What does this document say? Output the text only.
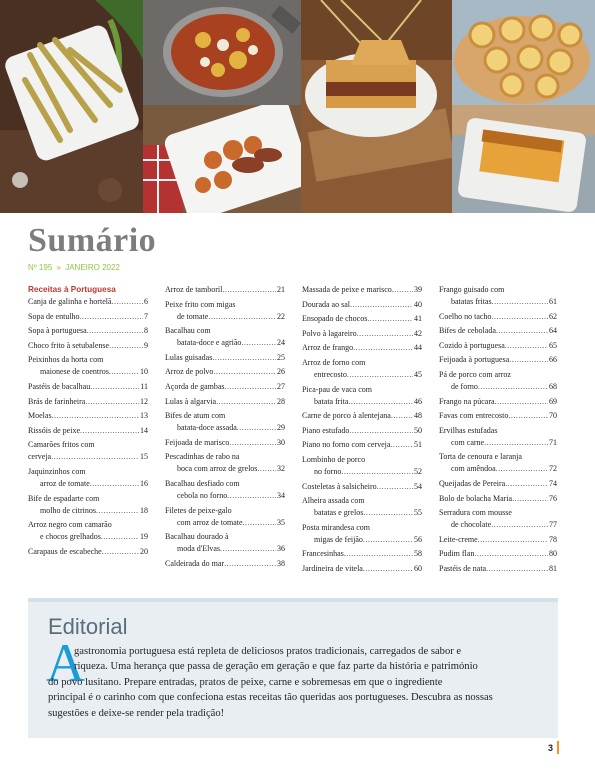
Sumário
Nº 195 » JANEIRO 2022
Receitas à Portuguesa
Canja de galinha e hortelã .....	6
Sopa de entulho .....	7
Sopa à portuguesa .....	8
Choco frito à setubalense .....	9
Peixinhos da horta com
maionese de coentros .....	10
Pastéis de bacalhau .....	11
Brás de farinheira .....	12
Moelas .....	13
Rissóis de peixe .....	14
Camarões fritos com
cerveja .....	15
Jaquinzinhos com
arroz de tomate .....	16
Bife de espadarte com
molho de citrinos .....	18
Arroz negro com camarão
e chocos grelhados .....	19
Carapaus de escabeche .....	20
Arroz de tamboril .....	21
Peixe frito com migas
de tomate .....	22
Bacalhau com
batata-doce e agrião .....	24
Lulas guisadas .....	25
Arroz de polvo .....	26
Açorda de gambas .....	27
Lulas à algarvia .....	28
Bifes de atum com
batata-doce assada .....	29
Feijoada de marisco .....	30
Pescadinhas de rabo na
boca com arroz de grelos ..... 32
Bacalhau desfiado com
cebola no forno .....	34
Filetes de peixe-galo
com arroz de tomate .....	35
Bacalhau dourado à
moda d'Elvas .....	36
Caldeirada do mar .....	38
Massada de peixe e marisco .....	39
Dourada ao sal .....	40
Ensopado de chocos .....	41
Polvo à lagareiro .....	42
Arroz de frango .....	44
Arroz de forno com
entrecosto .....	45
Pica-pau de vaca com
batata frita .....	46
Carne de porco à alentejana .....	48
Piano estufado .....	50
Piano no forno com cerveja .....	51
Lombinho de porco
no forno .....	52
Costeletas à salsicheiro .....	54
Alheira assada com
batatas e grelos .....	55
Posta mirandesa com
migas de feijão .....	56
Francesinhas .....	58
Jardineira de vitela .....	60
Frango guisado com
batatas fritas .....	61
Coelho no tacho .....	62
Bifes de cebolada .....	64
Cozido à portuguesa .....	65
Feijoada à portuguesa .....	66
Pá de porco com arroz
de forno .....	68
Frango na púcara .....	69
Favas com entrecosto .....	70
Ervilhas estufadas
com carne .....	71
Torta de cenoura e laranja
com amêndoa .....	72
Queijadas de Pereira .....	74
Bolo de bolacha Maria .....	76
Serradura com mousse
de chocolate .....	77
Leite-creme .....	78
Pudim flan .....	80
Pastéis de nata .....	81
Editorial
A
gastronomia portuguesa está repleta de deliciosos pratos tradicionais, carregados de sabor e
riqueza. Uma herança que passa de geração em geração e que faz parte da história e património
do povo lusitano. Prepare entradas, pratos de peixe, carne e sobremesas em que o ingrediente
principal é o carinho com que confeciona estas receitas tão queridas aos portugueses. Descubra as nossas
sugestões e deixe-se render pela tradição!
3
